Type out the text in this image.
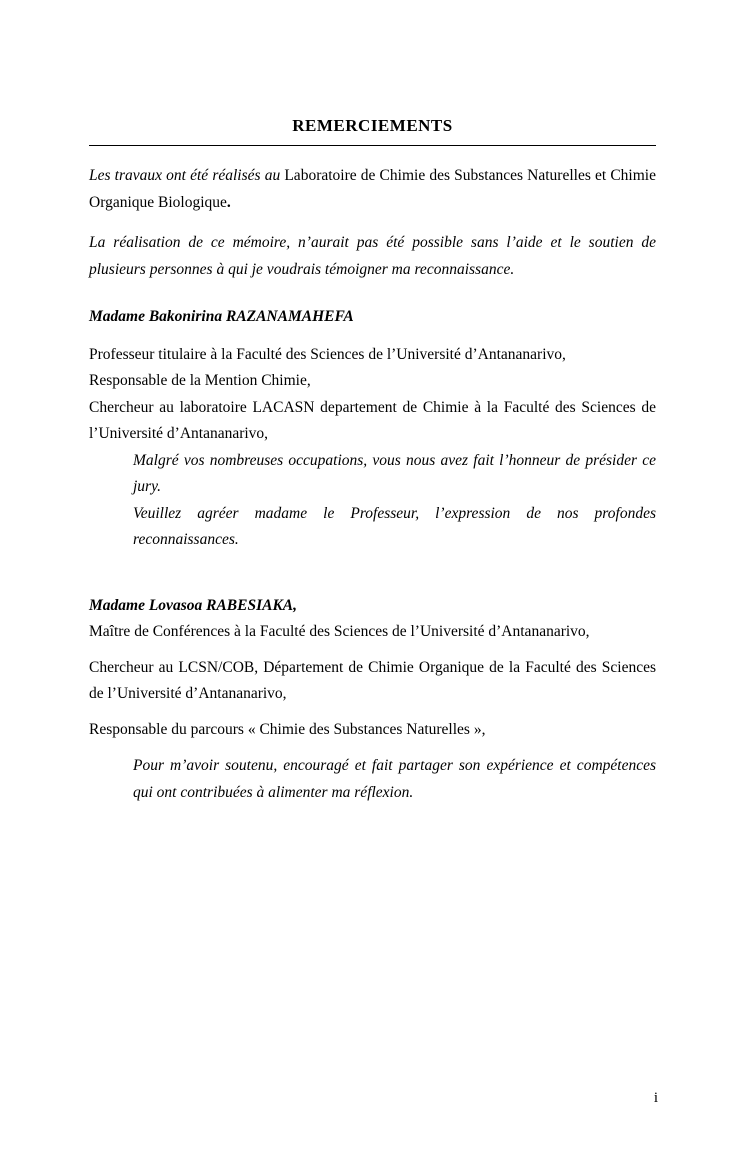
REMERCIEMENTS

Les travaux ont été réalisés au Laboratoire de Chimie des Substances Naturelles et Chimie Organique Biologique.

La réalisation de ce mémoire, n’aurait pas été possible sans l’aide et le soutien de plusieurs personnes à qui je voudrais témoigner ma reconnaissance.

Madame Bakonirina RAZANAMAHEFA

Professeur titulaire à la Faculté des Sciences de l’Université d’Antananarivo,

Responsable de la Mention Chimie,

Chercheur au laboratoire LACASN departement de Chimie à la Faculté des Sciences de l’Université d’Antananarivo,

Malgré vos nombreuses occupations, vous nous avez fait l’honneur de présider ce jury.

Veuillez agréer madame le Professeur, l’expression de nos profondes reconnaissances.

Madame Lovasoa RABESIAKA,

Maître de Conférences à la Faculté des Sciences de l’Université d’Antananarivo,

Chercheur au LCSN/COB, Département de Chimie Organique de la Faculté des Sciences de l’Université d’Antananarivo,

Responsable du parcours « Chimie des Substances Naturelles »,

Pour m’avoir soutenu, encouragé et fait partager son expérience et compétences qui ont contribuées à alimenter ma réflexion.

i
